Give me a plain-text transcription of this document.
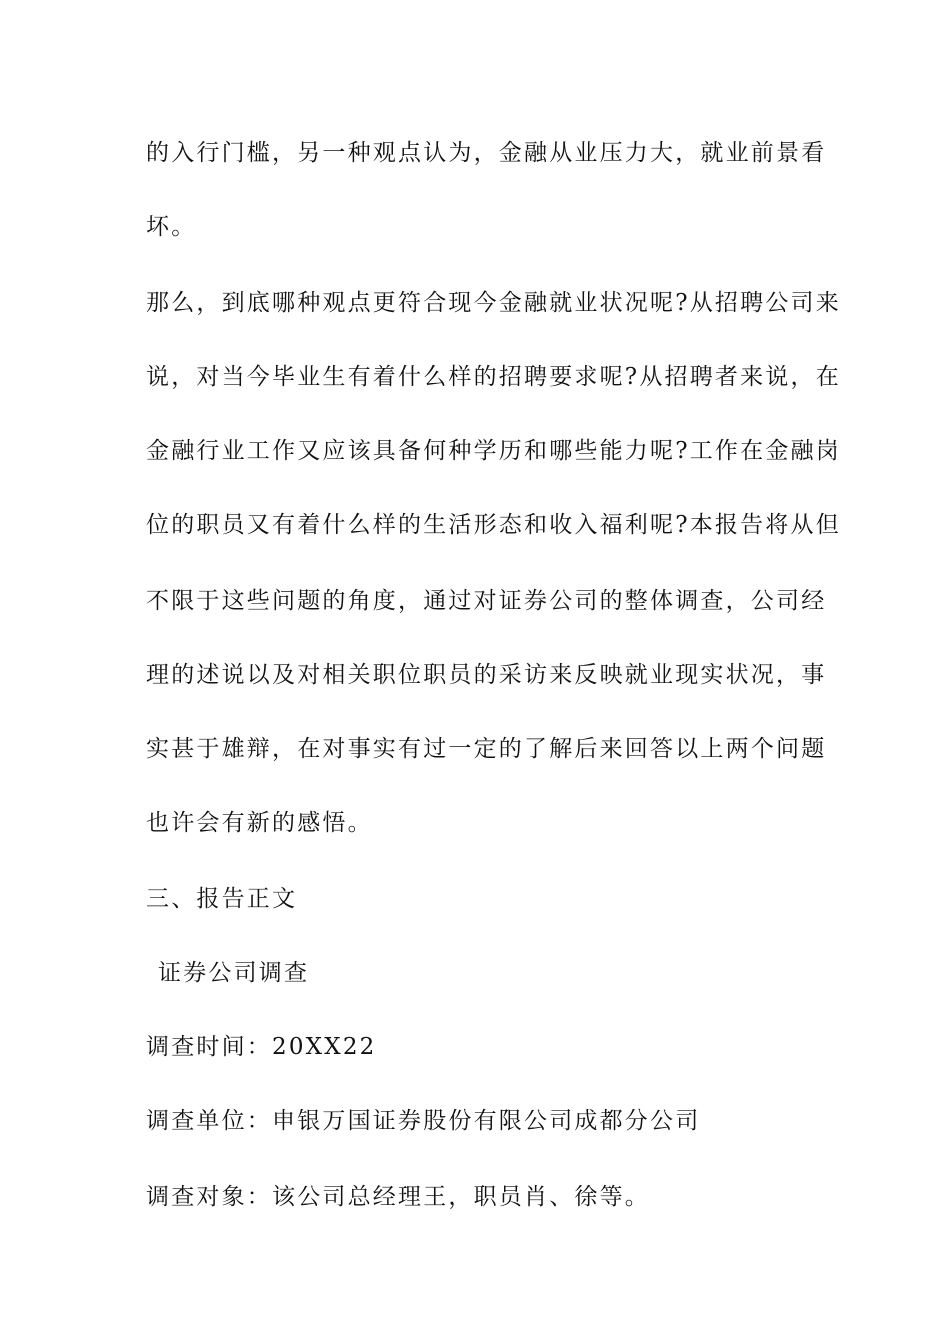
的入行门槛，另一种观点认为，金融从业压力大，就业前景看
坏。
那么，到底哪种观点更符合现今金融就业状况呢?从招聘公司来
说，对当今毕业生有着什么样的招聘要求呢?从招聘者来说，在
金融行业工作又应该具备何种学历和哪些能力呢?工作在金融岗
位的职员又有着什么样的生活形态和收入福利呢?本报告将从但
不限于这些问题的角度，通过对证券公司的整体调查，公司经
理的述说以及对相关职位职员的采访来反映就业现实状况，事
实甚于雄辩，在对事实有过一定的了解后来回答以上两个问题
也许会有新的感悟。
三、报告正文
证券公司调查
调查时间：20XX22
调查单位：申银万国证券股份有限公司成都分公司
调查对象：该公司总经理王，职员肖、徐等。
